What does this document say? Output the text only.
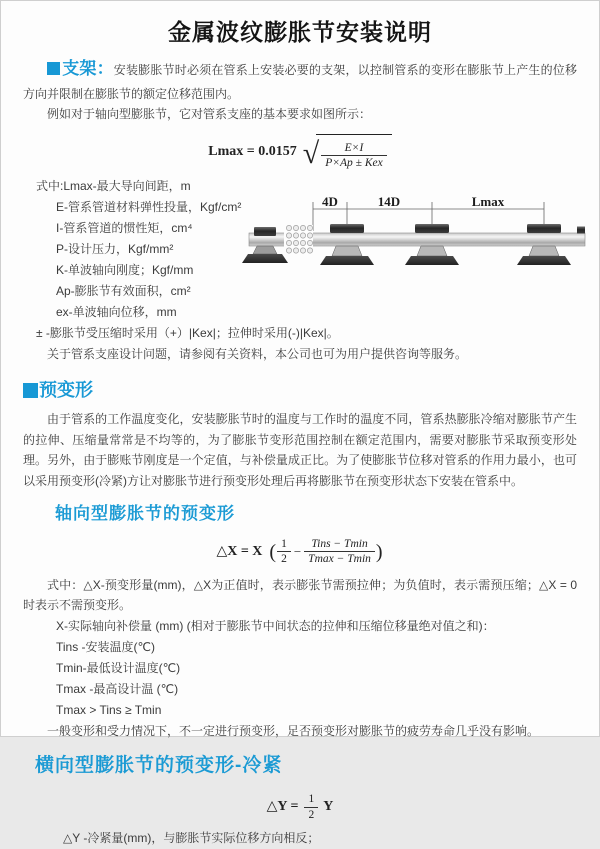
金属波纹膨胀节安装说明

支架：安装膨胀节时必须在管系上安装必要的支架，以控制管系的变形在膨胀节上产生的位移方向并限制在膨胀节的额定位移范围内。

例如对于轴向型膨胀节，它对管系支座的基本要求如图所示：

Lmax = 0.0157 √ $\frac{E\times I}{\text{P×Ap ± Kex}}$
式中:Lmax-最大导向间距，m
E-管系管道材料弹性投量，Kgf/cm²
I-管系管道的惯性矩，cm⁴
P-设计压力，Kgf/mm²
K-单波轴向刚度；Kgf/mm
Ap-膨胀节有效面积，cm²
ex-单波轴向位移，mm
± -膨胀节受压缩时采用（+）|Kex|；拉伸时采用(-)|Kex|。

关于管系支座设计问题，请参阅有关资料，本公司也可为用户提供咨询等服务。

预变形

由于管系的工作温度变化，安装膨胀节时的温度与工作时的温度不同，管系热膨胀冷缩对膨胀节产生的拉伸、压缩量常常是不均等的，为了膨胀节变形范围控制在额定范围内，需要对膨胀节采取预变形处理。另外，由于膨账节刚度是一个定值，与补偿量成正比。为了使膨胀节位移对管系的作用力最小，也可以采用预变形(冷紧)方让对膨胀节进行预变形处理后再将膨胀节在预变形状态下安装在管系中。

轴向型膨胀节的预变形
△X = X ( $\frac{1}{2} - \frac{\text{Tins − Tmin}}{Tmax - Tmin}$ )

式中：△X-预变形量(mm)，△X为正值时，表示膨张节需预拉伸；为负值时，表示需预压缩；△X = 0时表示不需预变形。

X-实际轴向补偿量 (mm) (相对于膨胀节中间状态的拉伸和压缩位移量绝对值之和)：
Tins -安装温度(℃)
Tmin-最低设计温度(℃)
Tmax -最高设计温 (℃)
Tmax > Tins ≥ Tmin

一般变形和受力情况下，不一定进行预变形，足否预变形对膨胀节的疲劳寿命几乎没有影响。

横向型膨胀节的预变形-冷紧
△Y = $\frac{1}{2}$ Y
△Y -冷紧量(mm)，与膨胀节实际位移方向相反；
4D	14D	Lmax
